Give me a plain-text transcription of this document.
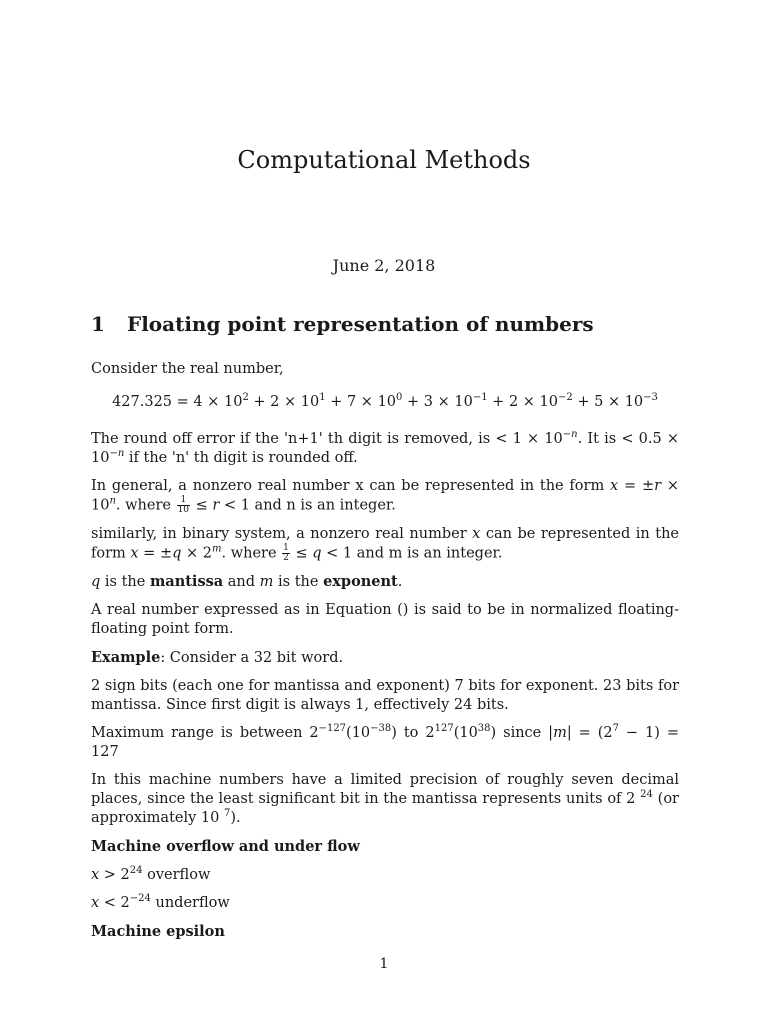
Computational Methods
June 2, 2018
1 Floating point representation of numbers

Consider the real number,

$427.325 = 4 \times 10^2 + 2 \times 10^1 + 7 \times 10^0 + 3 \times 10^{-1} + 2 \times 10^{-2} + 5 \times 10^{-3}$

The round off error if the 'n+1' th digit is removed, is < $1 \times 10^{-n}$. It is < $0.5 \times 10^{-n}$ if the 'n' th digit is rounded off.

In general, a nonzero real number x can be represented in the form $x = \pm r \times 10^n$. where $\frac{1}{10} \le r < 1$ and n is an integer.

similarly, in binary system, a nonzero real number x can be represented in the form $x = \pm q \times 2^m$. where $\frac{1}{2} \le q < 1$ and m is an integer.

q is the mantissa and m is the exponent.

A real number expressed as in Equation () is said to be in normalized floating- floating point form.

Example: Consider a 32 bit word.

2 sign bits (each one for mantissa and exponent) 7 bits for exponent. 23 bits for mantissa. Since first digit is always 1, effectively 24 bits.

Maximum range is between $2^{-127}(10^{-38})$ to $2^{127}(10^{38})$ since $|m| = (2^7 - 1) = 127$

In this machine numbers have a limited precision of roughly seven decimal places, since the least significant bit in the mantissa represents units of 2 $^{24}$ (or approximately 10 $^7$).

Machine overflow and under flow

$x > 2^{24}$ overflow

$x < 2^{-24}$ underflow

Machine epsilon

1
